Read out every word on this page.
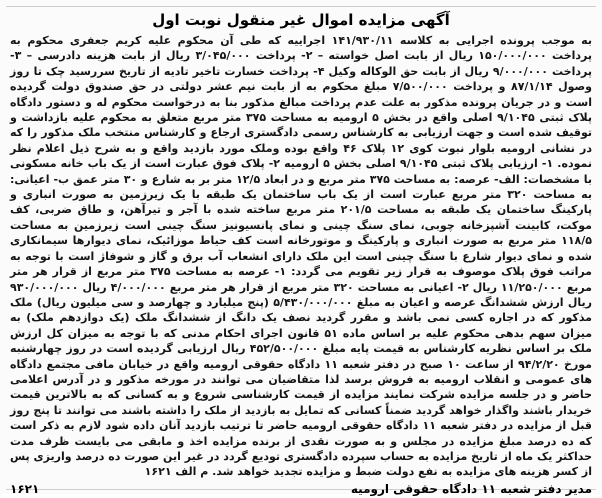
آگهی مزایده اموال غیر منقول نوبت اول

به موجب پرونده اجرایی به کلاسه ۱۴۱/۹۳۰/۱۱ اجراییه که طی آن محکوم علیه کریم جعفری محکوم به پرداخت ۱۵۰/۰۰۰/۰۰۰ ریال از بابت اصل خواسته – ۲- پرداخت ۳/۰۴۵/۰۰۰ ریال از بابت هزینه دادرسی – ۳- پرداخت ۹/۰۰۰/۰۰۰ ریال از بابت حق الوکاله وکیل ۴- پرداخت خسارت تاخیر تادیه از تاریخ سررسید چک تا روز وصول ۸۷/۱/۱۴ و پرداخت ۷/۵۰۰/۰۰۰ مبلغ محکوم به از بابت نیم عشر دولتی در حق صندوق دولت گردیده است و در جریان پرونده مذکور به علت عدم پرداخت مبالغ مذکور بنا به درخواست محکوم له و دستور دادگاه پلاک ثبتی ۹/۱۰۴۵ اصلی واقع در بخش ۵ ارومیه به مساحت ۳۷۵ متر مربع متعلق به محکوم علیه بازداشت و توقیف شده است و جهت ارزیابی به کارشناس رسمی دادگستری ارجاع و کارشناس منتخب ملک مذکور را که در نشانی ارومیه بلوار نبوت کوی ۱۲ پلاک ۴۶ واقع بوده وملک مورد بازدید واقع و به شرح ذیل اعلام نظر نموده. ۱- ارزیابی پلاک ثبتی ۹/۱۰۴۵ اصلی بخش ۵ ارومیه ۲- پلاک فوق عبارت است از یک باب خانه مسکونی با مشخصات: الف- عرصه: به مساحت ۳۷۵ متر مربع و در ابعاد ۱۲/۵ متر بر به شارع و ۳۰ متر عمق ب- اعیانی: به مساحت ۳۲۰ متر مربع عبارت است از یک باب ساختمان یک طبقه با یک زیرزمین به صورت انباری و پارکینگ ساختمان یک طبقه به مساحت ۲۰۱/۵ متر مربع ساخته شده با آجر و تیرآهن، و طاق ضربی، کف موکت، کابینت آشپزخانه چوبی، نمای سنگ چینی و نمای پانسیونیز سنگ چینی است زیرزمین به مساحت ۱۱۸/۵ متر مربع به صورت انباری و پارکینگ و موتورخانه است کف حیاط موزائیک، نمای دیوارها سیمانکاری شده و نمای دیوار شارع با سنگ چینی است این ملک دارای انشعاب آب برق و گاز و شوفاژ است با توجه به مراتب فوق پلاک موصوف به قرار زیر تقویم می گردد: ۱- عرصه به مساحت ۳۷۵ متر مربع از قرار هر متر مربع ۱۱/۲۵۰/۰۰۰ ریال ۲- اعیانی به مساحت ۳۲۰ متر مربع از قرار هر متر مربع ۴/۰۰۰/۰۰۰ ریال ۹۳۰/۰۰۰/۰۰۰ ریال ارزش ششدانگ عرصه و اعیان به مبلغ ۵/۴۳۰/۰۰۰/۰۰۰ (پنج میلیارد و چهارصد و سی میلیون ریال) ملک مذکور که در اجاره کسی نمی باشد و مقرر گردید نصف یک دانگ از ششدانگ ملک (یک دوازدهم ملک) به میزان سهم بدهی محکوم علیه بر اساس ماده ۵۱ قانون اجرای احکام مدنی که با توجه به میزان کل ارزش ملک بر اساس نظریه کارشناس به قیمت پایه مبلغ ۴۵۲/۵۰۰/۰۰۰ ریال ارزیابی گردیده است در روز چهارشنبه مورخ ۹۴/۲/۲۰ از ساعت ۱۰ صبح در دفتر شعبه ۱۱ دادگاه حقوقی ارومیه واقع در خیابان مافی مجتمع دادگاه های عمومی و انقلاب ارومیه به فروش برسد لذا متقاضیان می توانند در مورخه مذکور و در آدرس اعلامی حاضر و در جلسه مزایده شرکت نمایند مزایده از قیمت کارشناسی شروع و به کسانی که به بالاترین قیمت خریدار باشند واگذار خواهد گردید ضمناً کسانی که تمایل به بازدید از ملک را داشته باشند می توانند تا پنج روز قبل از مزایده در دفتر شعبه ۱۱ دادگاه حقوقی ارومیه حاضر تا ترتیب بازدید آنان داده شود لازم به ذکر است که ده درصد مبلغ مزایده در مجلس و به صورت نقدی از برنده مزایده اخذ و مابقی می بایست ظرف مدت حداکثر یک ماه از تاریخ مزایده به حساب سپرده دادگستری تودیع گردد در غیر این صورت ده درصد واریزی پس از کسر هزینه های مزایده به نفع دولت ضبط و مزایده تجدید خواهد شد. م الف ۱۶۲۱

مدیر دفتر شعبه ۱۱ دادگاه حقوقی ارومیه
۱۶۲۱
